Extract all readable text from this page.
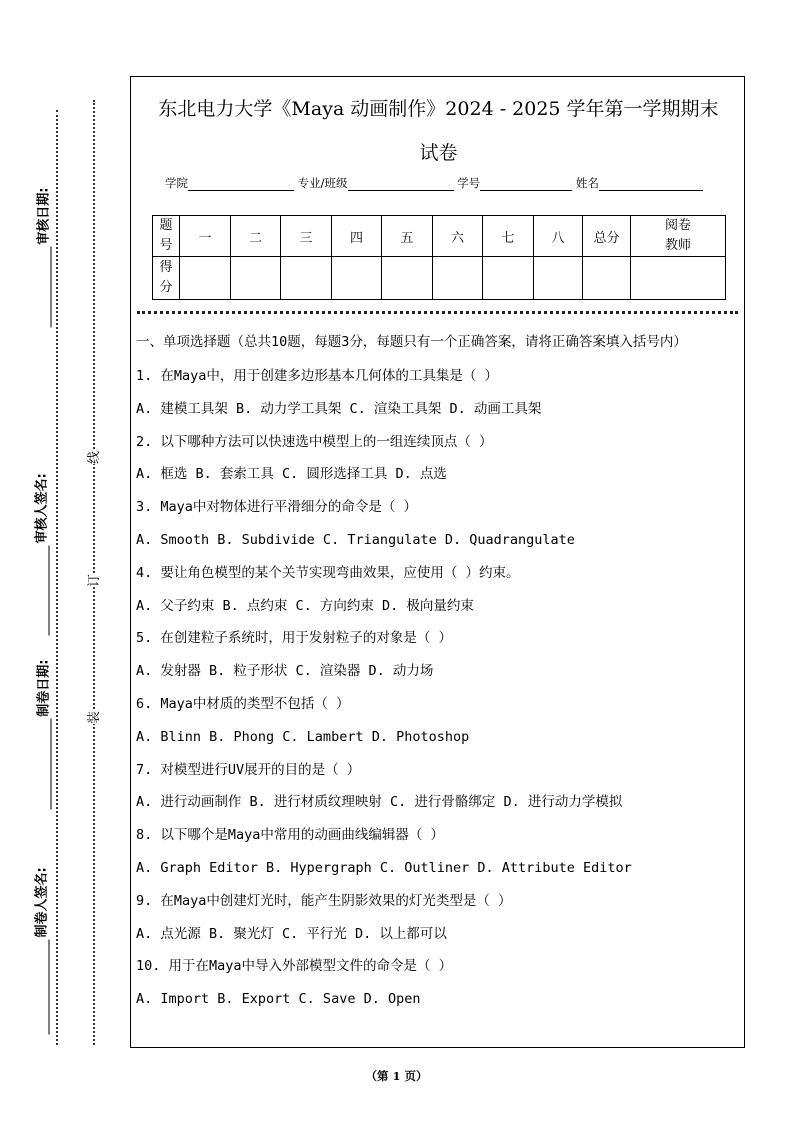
审核日期:
审核人签名:
制卷日期:
制卷人签名:
线
订
装
东北电力大学《Maya 动画制作》2024 - 2025 学年第一学期期末
试卷
学院	专业/班级	学号	姓名
题
号	一	二	三	四	五	六	七	八	总分	阅卷
教师

得
分										

一、单项选择题（总共10题，每题3分，每题只有一个正确答案，请将正确答案填入括号内）

1. 在Maya中，用于创建多边形基本几何体的工具集是（ ）

A. 建模工具架 B. 动力学工具架 C. 渲染工具架 D. 动画工具架

2. 以下哪种方法可以快速选中模型上的一组连续顶点（ ）

A. 框选 B. 套索工具 C. 圆形选择工具 D. 点选

3. Maya中对物体进行平滑细分的命令是（ ）

A. Smooth B. Subdivide C. Triangulate D. Quadrangulate

4. 要让角色模型的某个关节实现弯曲效果，应使用（ ）约束。

A. 父子约束 B. 点约束 C. 方向约束 D. 极向量约束

5. 在创建粒子系统时，用于发射粒子的对象是（ ）

A. 发射器 B. 粒子形状 C. 渲染器 D. 动力场

6. Maya中材质的类型不包括（ ）

A. Blinn B. Phong C. Lambert D. Photoshop

7. 对模型进行UV展开的目的是（ ）

A. 进行动画制作 B. 进行材质纹理映射 C. 进行骨骼绑定 D. 进行动力学模拟

8. 以下哪个是Maya中常用的动画曲线编辑器（ ）

A. Graph Editor B. Hypergraph C. Outliner D. Attribute Editor

9. 在Maya中创建灯光时，能产生阴影效果的灯光类型是（ ）

A. 点光源 B. 聚光灯 C. 平行光 D. 以上都可以

10. 用于在Maya中导入外部模型文件的命令是（ ）

A. Import B. Export C. Save D. Open

（第 1 页）
